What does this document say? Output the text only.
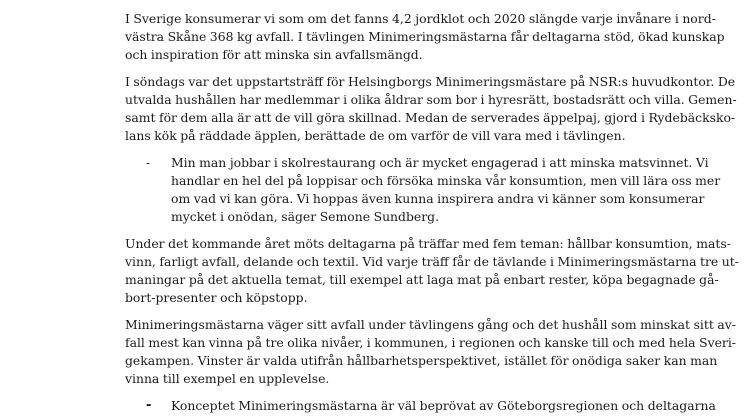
I Sverige konsumerar vi som om det fanns 4,2 jordklot och 2020 slängde varje invånare i nord-
västra Skåne 368 kg avfall. I tävlingen Minimeringsmästarna får deltagarna stöd, ökad kunskap
och inspiration för att minska sin avfallsmängd.

I söndags var det uppstartsträff för Helsingborgs Minimeringsmästare på NSR:s huvudkontor. De
utvalda hushållen har medlemmar i olika åldrar som bor i hyresrätt, bostadsrätt och villa. Gemen-
samt för dem alla är att de vill göra skillnad. Medan de serverades äppelpaj, gjord i Rydebäcksko-
lans kök på räddade äpplen, berättade de om varför de vill vara med i tävlingen.

- Min man jobbar i skolrestaurang och är mycket engagerad i att minska matsvinnet. Vi
handlar en hel del på loppisar och försöka minska vår konsumtion, men vill lära oss mer
om vad vi kan göra. Vi hoppas även kunna inspirera andra vi känner som konsumerar
mycket i onödan, säger Semone Sundberg.

Under det kommande året möts deltagarna på träffar med fem teman: hållbar konsumtion, mats-
vinn, farligt avfall, delande och textil. Vid varje träff får de tävlande i Minimeringsmästarna tre ut-
maningar på det aktuella temat, till exempel att laga mat på enbart rester, köpa begagnade gå-
bort-presenter och köpstopp.

Minimeringsmästarna väger sitt avfall under tävlingens gång och det hushåll som minskat sitt av-
fall mest kan vinna på tre olika nivåer, i kommunen, i regionen och kanske till och med hela Sveri-
gekampen. Vinster är valda utifrån hållbarhetsperspektivet, istället för onödiga saker kan man
vinna till exempel en upplevelse.

- Konceptet Minimeringsmästarna är väl beprövat av Göteborgsregionen och deltagarna
